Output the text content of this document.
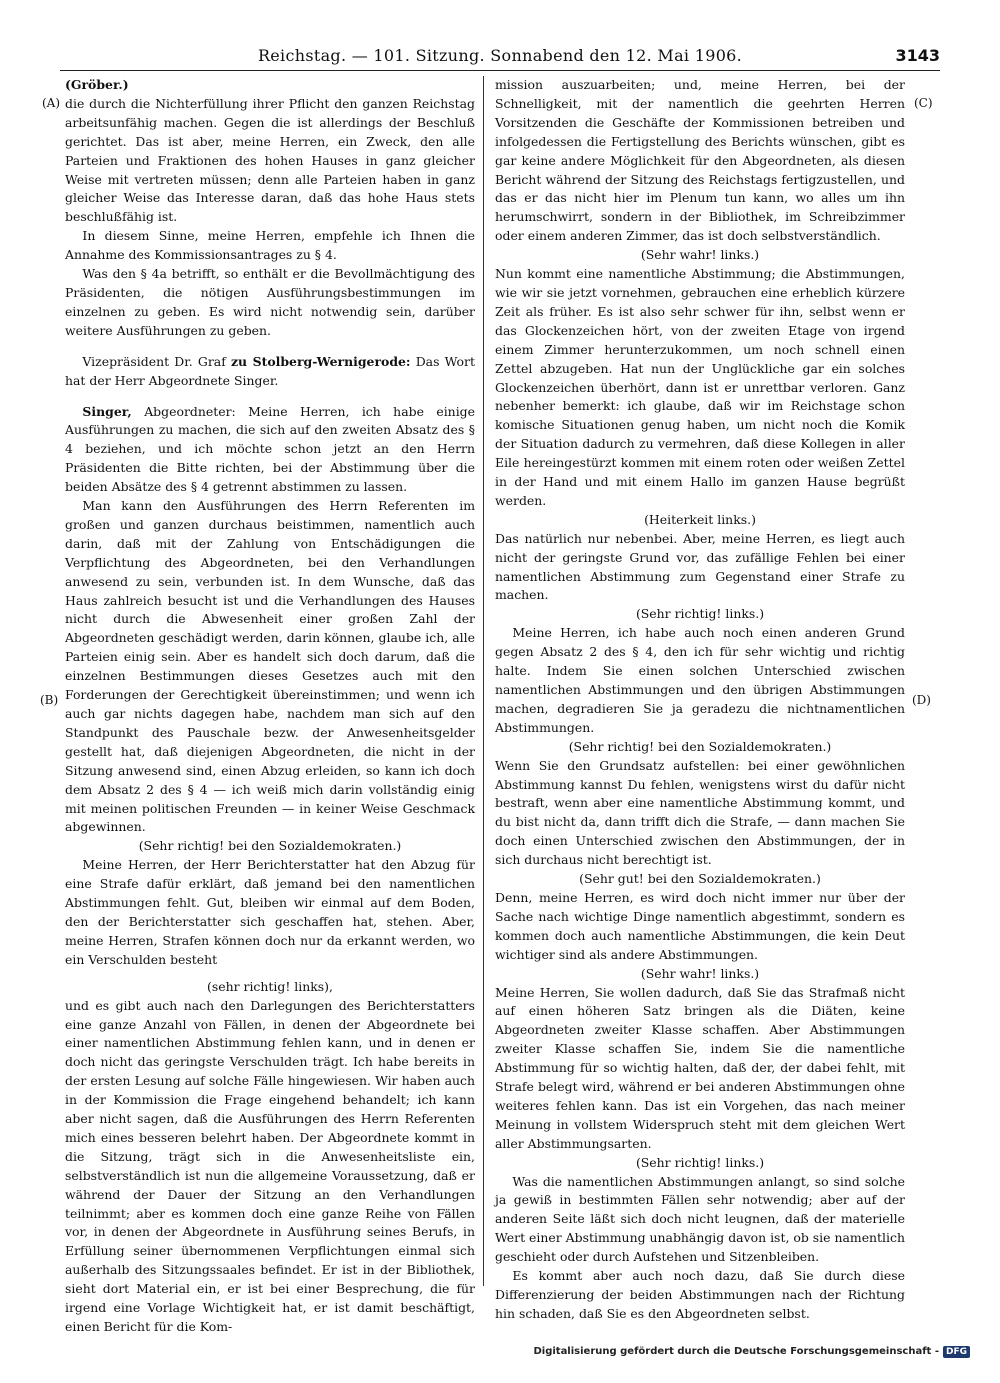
Reichstag. — 101. Sitzung. Sonnabend den 12. Mai 1906.	3143
(A)
(B)
(C)
(D)

(Gröber.)

die durch die Nichterfüllung ihrer Pflicht den ganzen Reichstag arbeitsunfähig machen. Gegen die ist allerdings der Beschluß gerichtet. Das ist aber, meine Herren, ein Zweck, den alle Parteien und Fraktionen des hohen Hauses in ganz gleicher Weise mit vertreten müssen; denn alle Parteien haben in ganz gleicher Weise das Interesse daran, daß das hohe Haus stets beschlußfähig ist.

In diesem Sinne, meine Herren, empfehle ich Ihnen die Annahme des Kommissionsantrages zu § 4.

Was den § 4a betrifft, so enthält er die Bevollmächtigung des Präsidenten, die nötigen Ausführungsbestimmungen im einzelnen zu geben. Es wird nicht notwendig sein, darüber weitere Ausführungen zu geben.

Vizepräsident Dr. Graf zu Stolberg-Wernigerode: Das Wort hat der Herr Abgeordnete Singer.

Singer, Abgeordneter: Meine Herren, ich habe einige Ausführungen zu machen, die sich auf den zweiten Absatz des § 4 beziehen, und ich möchte schon jetzt an den Herrn Präsidenten die Bitte richten, bei der Abstimmung über die beiden Absätze des § 4 getrennt abstimmen zu lassen.

Man kann den Ausführungen des Herrn Referenten im großen und ganzen durchaus beistimmen, namentlich auch darin, daß mit der Zahlung von Entschädigungen die Verpflichtung des Abgeordneten, bei den Verhandlungen anwesend zu sein, verbunden ist. In dem Wunsche, daß das Haus zahlreich besucht ist und die Verhandlungen des Hauses nicht durch die Abwesenheit einer großen Zahl der Abgeordneten geschädigt werden, darin können, glaube ich, alle Parteien einig sein. Aber es handelt sich doch darum, daß die einzelnen Bestimmungen dieses Gesetzes auch mit den Forderungen der Gerechtigkeit übereinstimmen; und wenn ich auch gar nichts dagegen habe, nachdem man sich auf den Standpunkt des Pauschale bezw. der Anwesenheitsgelder gestellt hat, daß diejenigen Abgeordneten, die nicht in der Sitzung anwesend sind, einen Abzug erleiden, so kann ich doch dem Absatz 2 des § 4 — ich weiß mich darin vollständig einig mit meinen politischen Freunden — in keiner Weise Geschmack abgewinnen.

(Sehr richtig! bei den Sozialdemokraten.)

Meine Herren, der Herr Berichterstatter hat den Abzug für eine Strafe dafür erklärt, daß jemand bei den namentlichen Abstimmungen fehlt. Gut, bleiben wir einmal auf dem Boden, den der Berichterstatter sich geschaffen hat, stehen. Aber, meine Herren, Strafen können doch nur da erkannt werden, wo ein Verschulden besteht

(sehr richtig! links),

und es gibt auch nach den Darlegungen des Berichterstatters eine ganze Anzahl von Fällen, in denen der Abgeordnete bei einer namentlichen Abstimmung fehlen kann, und in denen er doch nicht das geringste Verschulden trägt. Ich habe bereits in der ersten Lesung auf solche Fälle hingewiesen. Wir haben auch in der Kommission die Frage eingehend behandelt; ich kann aber nicht sagen, daß die Ausführungen des Herrn Referenten mich eines besseren belehrt haben. Der Abgeordnete kommt in die Sitzung, trägt sich in die Anwesenheitsliste ein, selbstverständlich ist nun die allgemeine Voraussetzung, daß er während der Dauer der Sitzung an den Verhandlungen teilnimmt; aber es kommen doch eine ganze Reihe von Fällen vor, in denen der Abgeordnete in Ausführung seines Berufs, in Erfüllung seiner übernommenen Verpflichtungen einmal sich außerhalb des Sitzungssaales befindet. Er ist in der Bibliothek, sieht dort Material ein, er ist bei einer Besprechung, die für irgend eine Vorlage Wichtigkeit hat, er ist damit beschäftigt, einen Bericht für die Kom-

mission auszuarbeiten; und, meine Herren, bei der Schnelligkeit, mit der namentlich die geehrten Herren Vorsitzenden die Geschäfte der Kommissionen betreiben und infolgedessen die Fertigstellung des Berichts wünschen, gibt es gar keine andere Möglichkeit für den Abgeordneten, als diesen Bericht während der Sitzung des Reichstags fertigzustellen, und das er das nicht hier im Plenum tun kann, wo alles um ihn herumschwirrt, sondern in der Bibliothek, im Schreibzimmer oder einem anderen Zimmer, das ist doch selbstverständlich.

(Sehr wahr! links.)

Nun kommt eine namentliche Abstimmung; die Abstimmungen, wie wir sie jetzt vornehmen, gebrauchen eine erheblich kürzere Zeit als früher. Es ist also sehr schwer für ihn, selbst wenn er das Glockenzeichen hört, von der zweiten Etage von irgend einem Zimmer herunterzukommen, um noch schnell einen Zettel abzugeben. Hat nun der Unglückliche gar ein solches Glockenzeichen überhört, dann ist er unrettbar verloren. Ganz nebenher bemerkt: ich glaube, daß wir im Reichstage schon komische Situationen genug haben, um nicht noch die Komik der Situation dadurch zu vermehren, daß diese Kollegen in aller Eile hereingestürzt kommen mit einem roten oder weißen Zettel in der Hand und mit einem Hallo im ganzen Hause begrüßt werden.

(Heiterkeit links.)

Das natürlich nur nebenbei. Aber, meine Herren, es liegt auch nicht der geringste Grund vor, das zufällige Fehlen bei einer namentlichen Abstimmung zum Gegenstand einer Strafe zu machen.

(Sehr richtig! links.)

Meine Herren, ich habe auch noch einen anderen Grund gegen Absatz 2 des § 4, den ich für sehr wichtig und richtig halte. Indem Sie einen solchen Unterschied zwischen namentlichen Abstimmungen und den übrigen Abstimmungen machen, degradieren Sie ja geradezu die nichtnamentlichen Abstimmungen.

(Sehr richtig! bei den Sozialdemokraten.)

Wenn Sie den Grundsatz aufstellen: bei einer gewöhnlichen Abstimmung kannst Du fehlen, wenigstens wirst du dafür nicht bestraft, wenn aber eine namentliche Abstimmung kommt, und du bist nicht da, dann trifft dich die Strafe, — dann machen Sie doch einen Unterschied zwischen den Abstimmungen, der in sich durchaus nicht berechtigt ist.

(Sehr gut! bei den Sozialdemokraten.)

Denn, meine Herren, es wird doch nicht immer nur über der Sache nach wichtige Dinge namentlich abgestimmt, sondern es kommen doch auch namentliche Abstimmungen, die kein Deut wichtiger sind als andere Abstimmungen.

(Sehr wahr! links.)

Meine Herren, Sie wollen dadurch, daß Sie das Strafmaß nicht auf einen höheren Satz bringen als die Diäten, keine Abgeordneten zweiter Klasse schaffen. Aber Abstimmungen zweiter Klasse schaffen Sie, indem Sie die namentliche Abstimmung für so wichtig halten, daß der, der dabei fehlt, mit Strafe belegt wird, während er bei anderen Abstimmungen ohne weiteres fehlen kann. Das ist ein Vorgehen, das nach meiner Meinung in vollstem Widerspruch steht mit dem gleichen Wert aller Abstimmungsarten.

(Sehr richtig! links.)

Was die namentlichen Abstimmungen anlangt, so sind solche ja gewiß in bestimmten Fällen sehr notwendig; aber auf der anderen Seite läßt sich doch nicht leugnen, daß der materielle Wert einer Abstimmung unabhängig davon ist, ob sie namentlich geschieht oder durch Aufstehen und Sitzenbleiben.

Es kommt aber auch noch dazu, daß Sie durch diese Differenzierung der beiden Abstimmungen nach der Richtung hin schaden, daß Sie es den Abgeordneten selbst.

Digitalisierung gefördert durch die Deutsche Forschungsgemeinschaft - DFG
